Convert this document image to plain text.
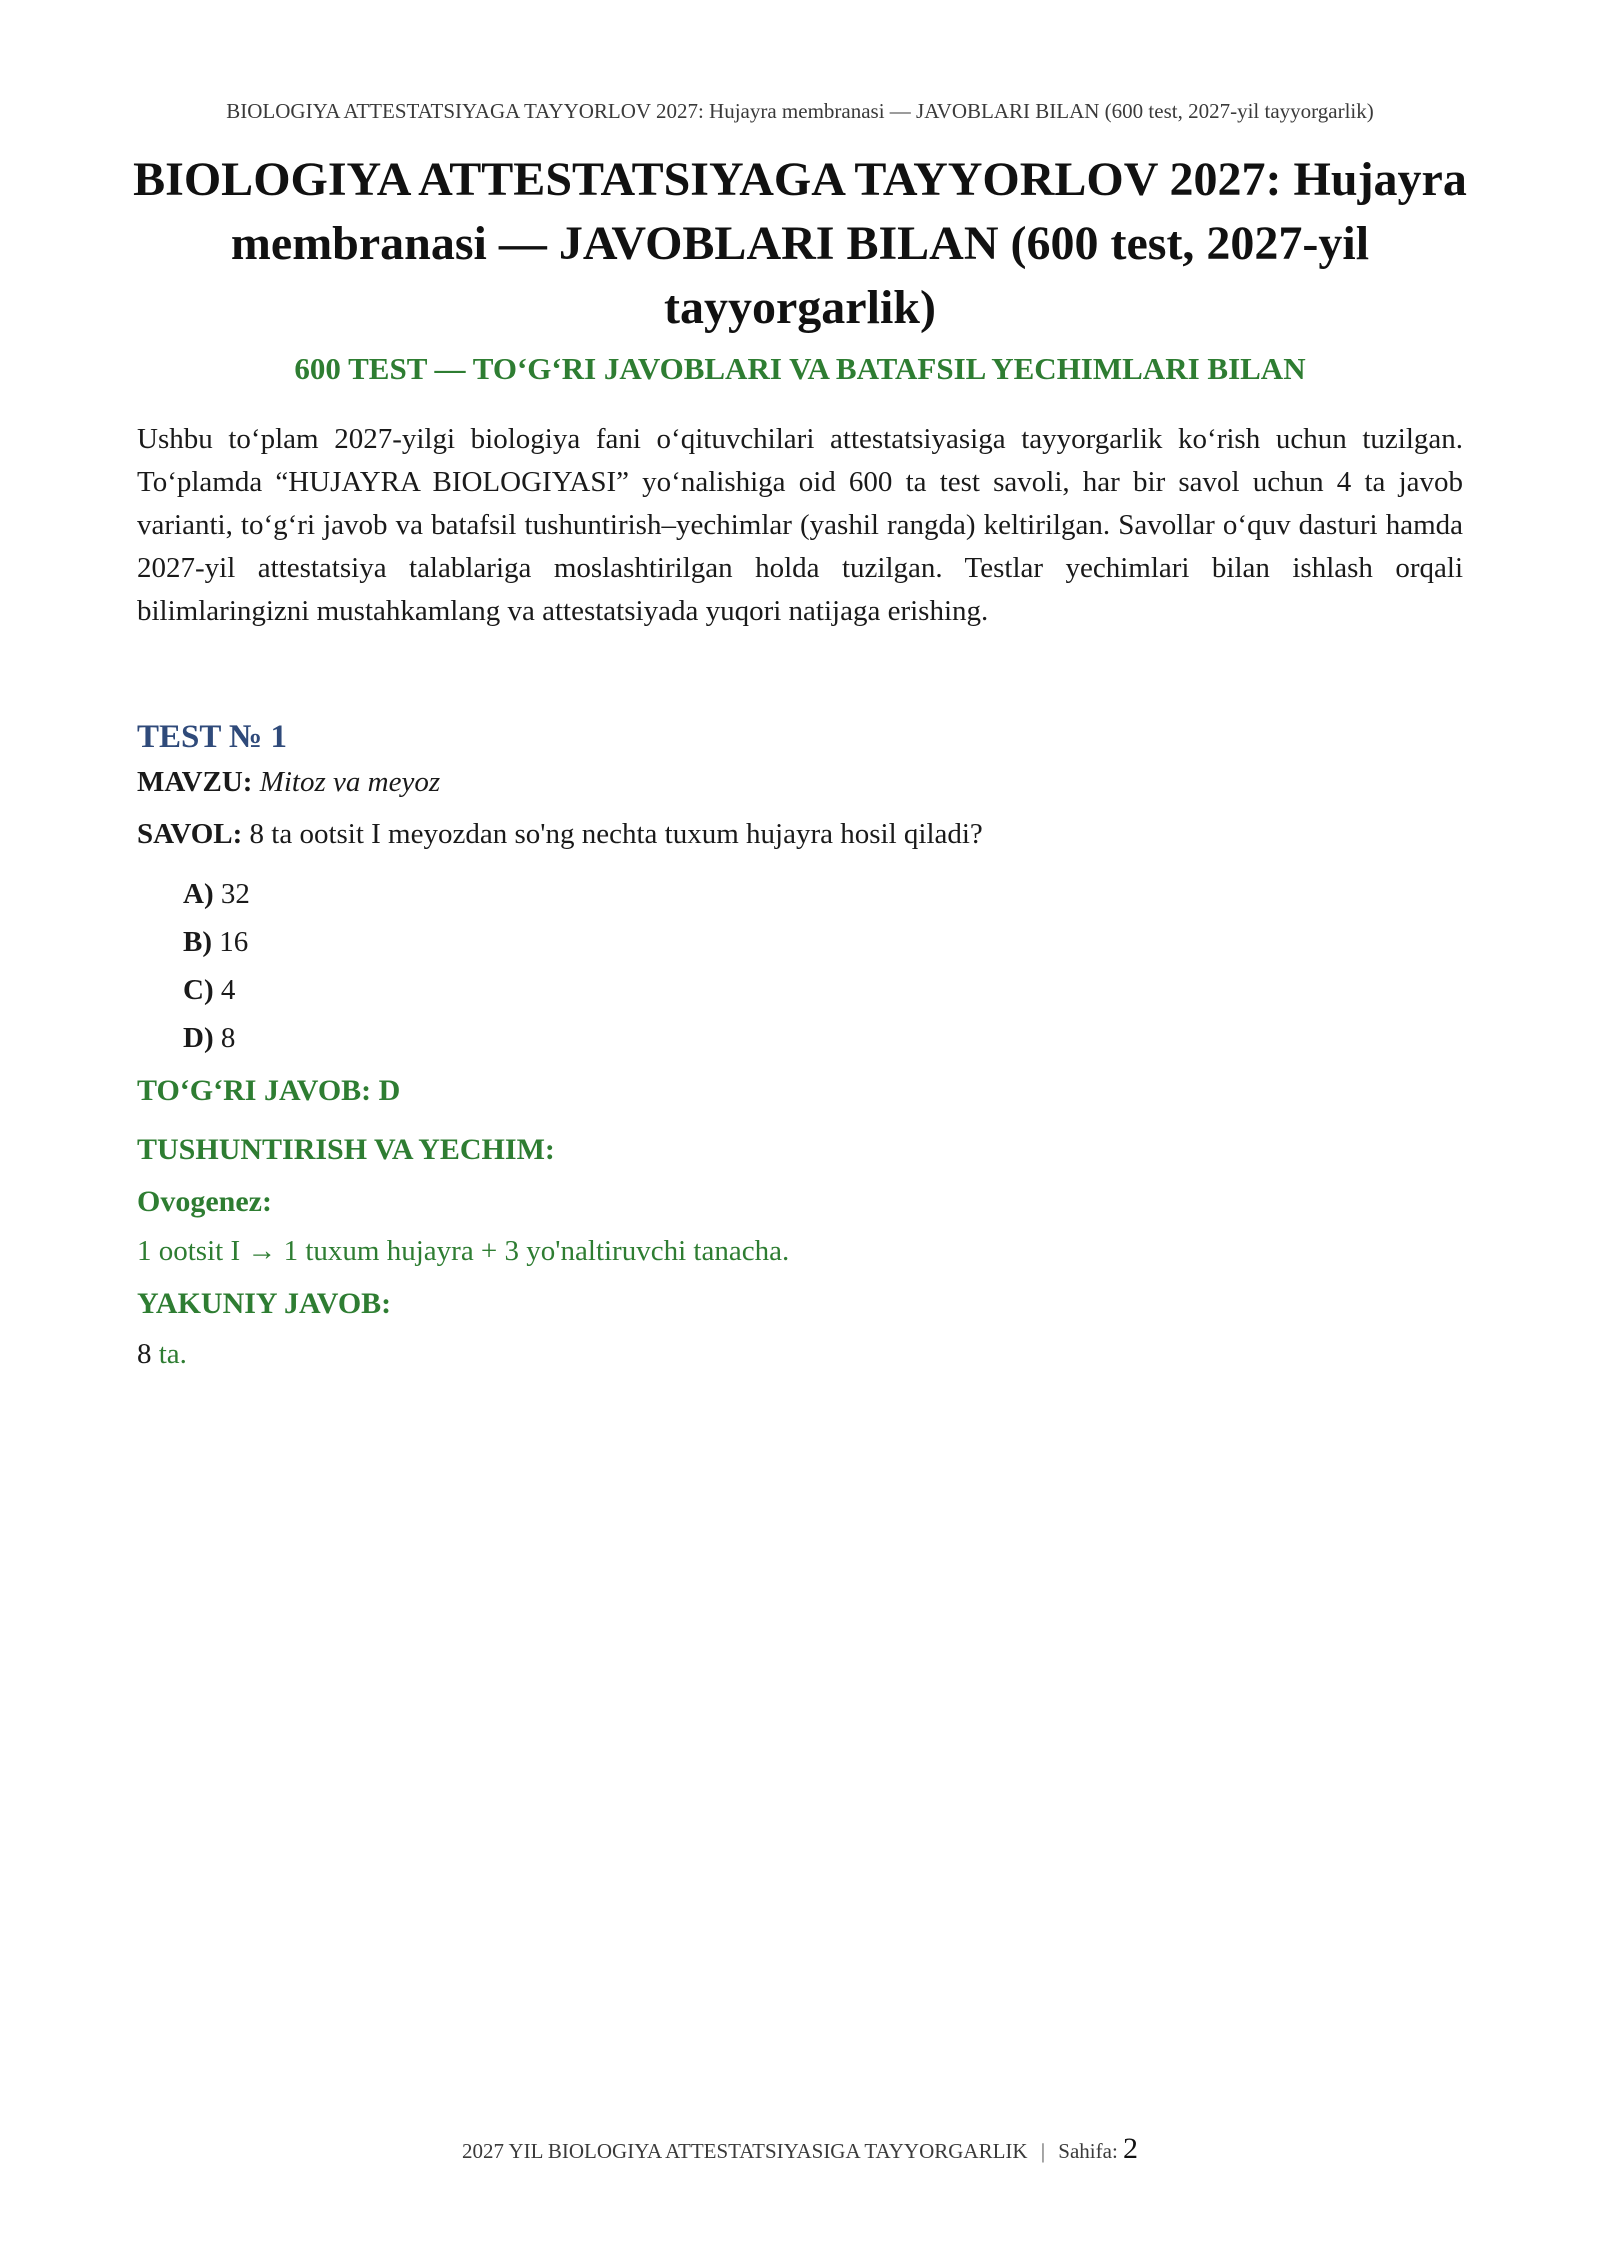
BIOLOGIYA ATTESTATSIYAGA TAYYORLOV 2027: Hujayra membranasi — JAVOBLARI BILAN (600 test, 2027-yil tayyorgarlik)
BIOLOGIYA ATTESTATSIYAGA TAYYORLOV 2027: Hujayra membranasi — JAVOBLARI BILAN (600 test, 2027-yil tayyorgarlik)
600 TEST — TO‘G‘RI JAVOBLARI VA BATAFSIL YECHIMLARI BILAN

Ushbu to‘plam 2027-yilgi biologiya fani o‘qituvchilari attestatsiyasiga tayyorgarlik ko‘rish uchun tuzilgan. To‘plamda “HUJAYRA BIOLOGIYASI” yo‘nalishiga oid 600 ta test savoli, har bir savol uchun 4 ta javob varianti, to‘g‘ri javob va batafsil tushuntirish–yechimlar (yashil rangda) keltirilgan. Savollar o‘quv dasturi hamda 2027-yil attestatsiya talablariga moslashtirilgan holda tuzilgan. Testlar yechimlari bilan ishlash orqali bilimlaringizni mustahkamlang va attestatsiyada yuqori natijaga erishing.

TEST № 1
MAVZU: Mitoz va meyoz
SAVOL: 8 ta ootsit I meyozdan so'ng nechta tuxum hujayra hosil qiladi?
A) 32
B) 16
C) 4
D) 8
TO‘G‘RI JAVOB: D
TUSHUNTIRISH VA YECHIM:
Ovogenez:
1 ootsit I → 1 tuxum hujayra + 3 yo'naltiruvchi tanacha.
YAKUNIY JAVOB:
8 ta.
2027 YIL BIOLOGIYA ATTESTATSIYASIGA TAYYORGARLIK | Sahifa: 2
